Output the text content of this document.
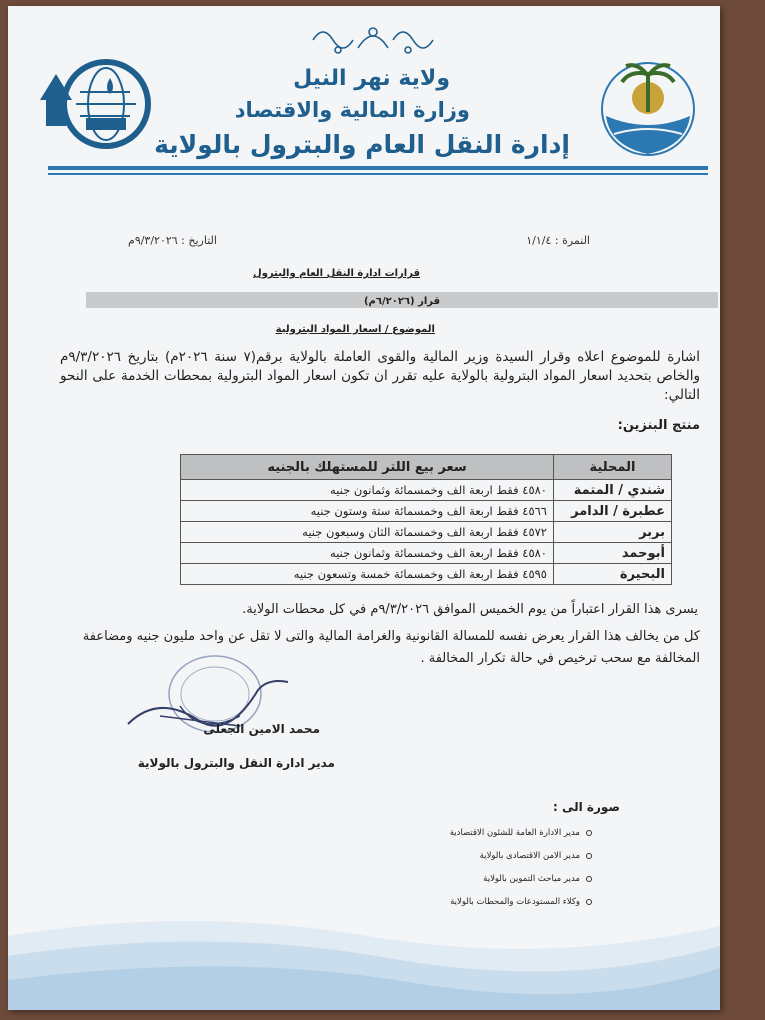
ولاية نهر النيل
وزارة المالية والاقتصاد
إدارة النقل العام والبترول بالولاية
التاريخ : ٩/٣/٢٠٢٦م	النمرة : ١/١/٤
قرارات ادارة النقل العام والبترول
قرار (٦/٢٠٢٦م)
الموضوع / اسعار المواد البترولية
اشارة للموضوع اعلاه وقرار السيدة وزير المالية والقوى العاملة بالولاية برقم(٧ سنة ٢٠٢٦م) بتاريخ ٩/٣/٢٠٢٦م والخاص بتحديد اسعار المواد البترولية بالولاية عليه تقرر ان تكون اسعار المواد البترولية بمحطات الخدمة على النحو التالي:
منتج البنزين:
المحلية	سعر بيع اللتر للمستهلك بالجنيه
شندي / المتمة	٤٥٨٠ فقط اربعة الف وخمسمائة وثمانون جنيه
عطبرة / الدامر	٤٥٦٦ فقط اربعة الف وخمسمائة ستة وستون جنيه
بربر	٤٥٧٢ فقط اربعة الف وخمسمائة الثان وسبعون جنيه
أبوحمد	٤٥٨٠ فقط اربعة الف وخمسمائة وثمانون جنيه
البحيرة	٤٥٩٥ فقط اربعة الف وخمسمائة خمسة وتسعون جنيه
يسرى هذا القرار اعتباراً من يوم الخميس الموافق ٩/٣/٢٠٢٦م في كل محطات الولاية.
كل من يخالف هذا القرار يعرض نفسه للمسالة القانونية والغرامة المالية والتى لا تقل عن واحد مليون جنيه ومضاعفة المخالفة مع سحب ترخيص في حالة تكرار المخالفة .
محمد الامين الجعلى
مدير ادارة النقل والبترول بالولاية
صورة الى :
مدير الادارة العامة للشئون الاقتصادية
مدير الامن الاقتصادى بالولاية
مدير مباحث التموين بالولاية
وكلاء المستودعات والمحطات بالولاية
